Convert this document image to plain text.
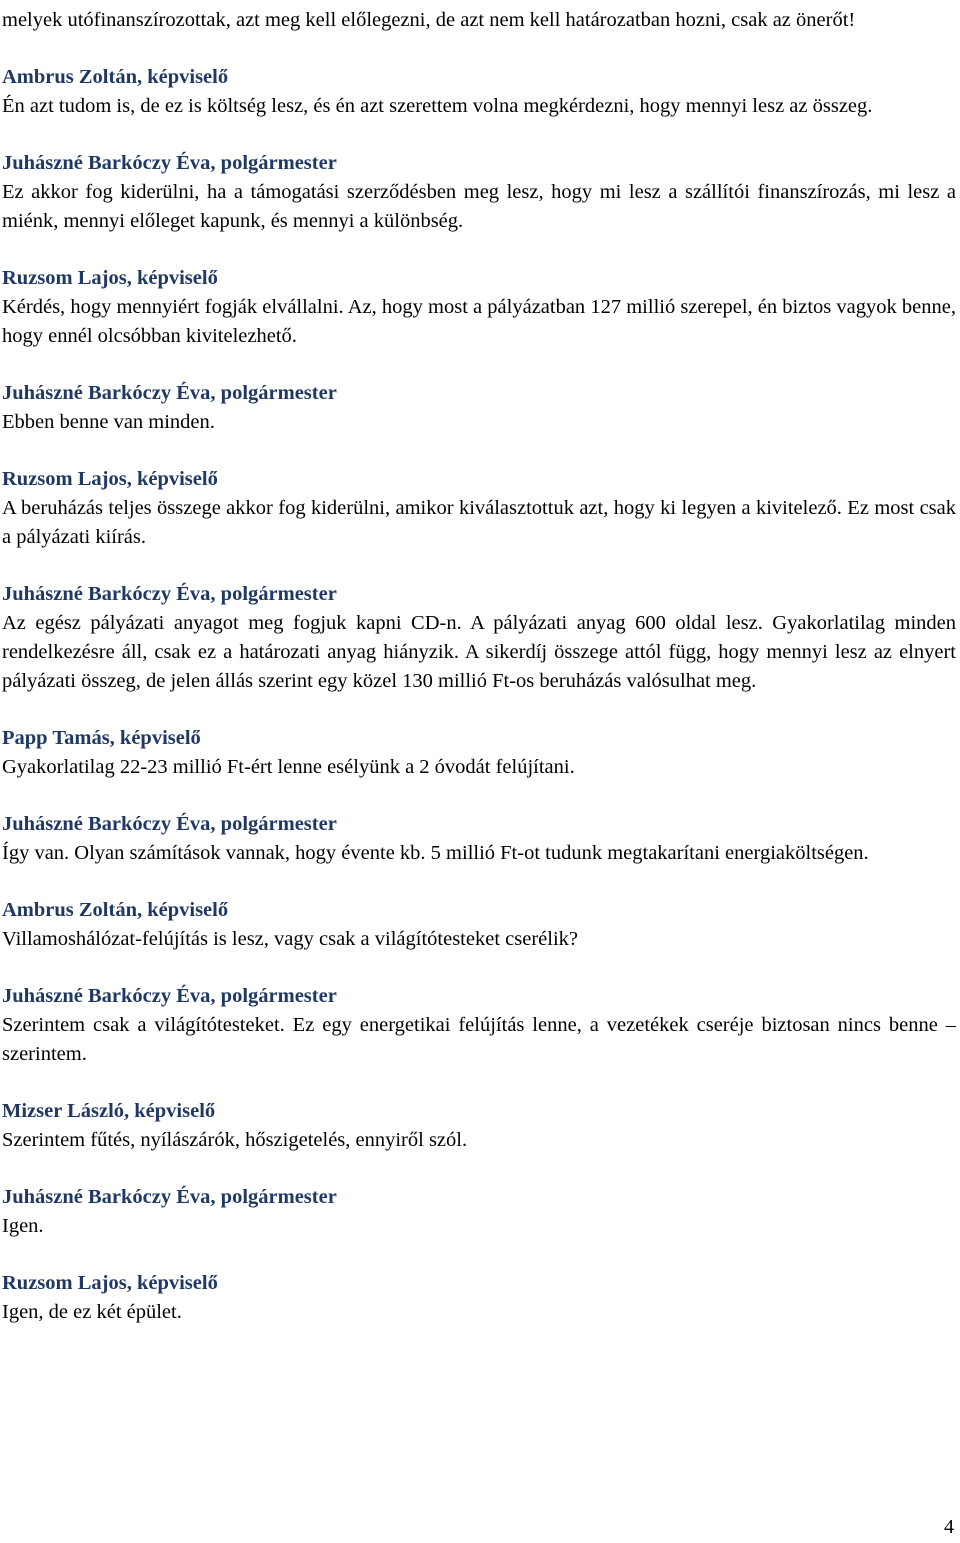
melyek utófinanszírozottak, azt meg kell előlegezni, de azt nem kell határozatban hozni, csak az önerőt!

Ambrus Zoltán, képviselő

Én azt tudom is, de ez is költség lesz, és én azt szerettem volna megkérdezni, hogy mennyi lesz az összeg.

Juhászné Barkóczy Éva, polgármester

Ez akkor fog kiderülni, ha a támogatási szerződésben meg lesz, hogy mi lesz a szállítói finanszírozás, mi lesz a miénk, mennyi előleget kapunk, és mennyi a különbség.

Ruzsom Lajos, képviselő

Kérdés, hogy mennyiért fogják elvállalni. Az, hogy most a pályázatban 127 millió szerepel, én biztos vagyok benne, hogy ennél olcsóbban kivitelezhető.

Juhászné Barkóczy Éva, polgármester

Ebben benne van minden.

Ruzsom Lajos, képviselő

A beruházás teljes összege akkor fog kiderülni, amikor kiválasztottuk azt, hogy ki legyen a kivitelező. Ez most csak a pályázati kiírás.

Juhászné Barkóczy Éva, polgármester

Az egész pályázati anyagot meg fogjuk kapni CD-n. A pályázati anyag 600 oldal lesz. Gyakorlatilag minden rendelkezésre áll, csak ez a határozati anyag hiányzik. A sikerdíj összege attól függ, hogy mennyi lesz az elnyert pályázati összeg, de jelen állás szerint egy közel 130 millió Ft-os beruházás valósulhat meg.

Papp Tamás, képviselő

Gyakorlatilag 22-23 millió Ft-ért lenne esélyünk a 2 óvodát felújítani.

Juhászné Barkóczy Éva, polgármester

Így van. Olyan számítások vannak, hogy évente kb. 5 millió Ft-ot tudunk megtakarítani energiaköltségen.

Ambrus Zoltán, képviselő

Villamoshálózat-felújítás is lesz, vagy csak a világítótesteket cserélik?

Juhászné Barkóczy Éva, polgármester

Szerintem csak a világítótesteket. Ez egy energetikai felújítás lenne, a vezetékek cseréje biztosan nincs benne – szerintem.

Mizser László, képviselő

Szerintem fűtés, nyílászárók, hőszigetelés, ennyiről szól.

Juhászné Barkóczy Éva, polgármester

Igen.

Ruzsom Lajos, képviselő

Igen, de ez két épület.

4
